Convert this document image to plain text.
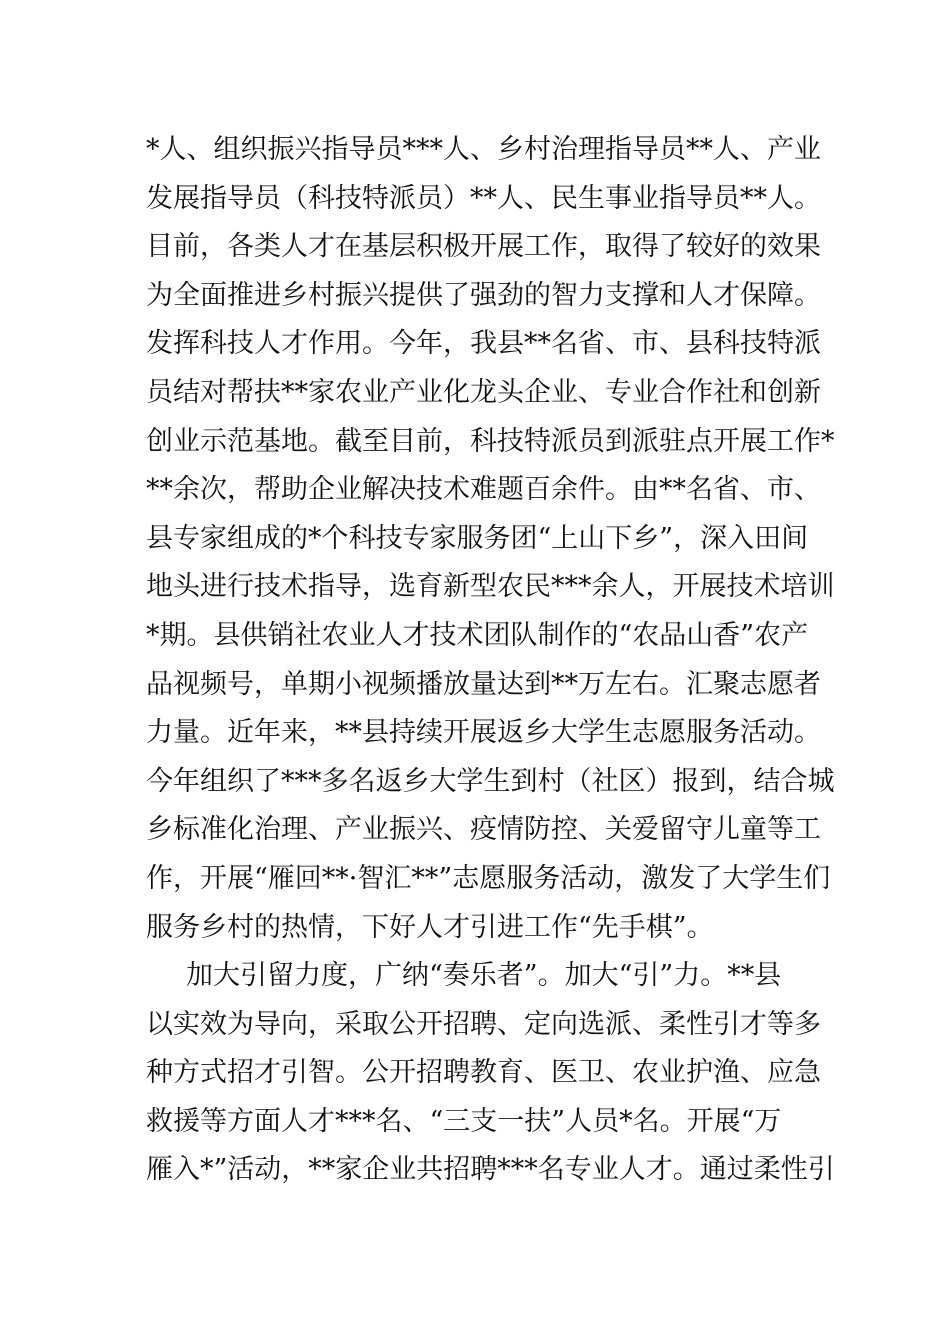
*人、组织振兴指导员***人、乡村治理指导员**人、产业
发展指导员（科技特派员）**人、民生事业指导员**人。
目前，各类人才在基层积极开展工作，取得了较好的效果
为全面推进乡村振兴提供了强劲的智力支撑和人才保障。
发挥科技人才作用。今年，我县**名省、市、县科技特派
员结对帮扶**家农业产业化龙头企业、专业合作社和创新
创业示范基地。截至目前，科技特派员到派驻点开展工作*
**余次，帮助企业解决技术难题百余件。由**名省、市、
县专家组成的*个科技专家服务团“上山下乡”，深入田间
地头进行技术指导，选育新型农民***余人，开展技术培训
*期。县供销社农业人才技术团队制作的“农品山香”农产
品视频号，单期小视频播放量达到**万左右。汇聚志愿者
力量。近年来，**县持续开展返乡大学生志愿服务活动。
今年组织了***多名返乡大学生到村（社区）报到，结合城
乡标准化治理、产业振兴、疫情防控、关爱留守儿童等工
作，开展“雁回**·智汇**”志愿服务活动，激发了大学生们
服务乡村的热情，下好人才引进工作“先手棋”。
加大引留力度，广纳“奏乐者”。加大“引”力。**县
以实效为导向，采取公开招聘、定向选派、柔性引才等多
种方式招才引智。公开招聘教育、医卫、农业护渔、应急
救援等方面人才***名、“三支一扶”人员*名。开展“万
雁入*”活动，**家企业共招聘***名专业人才。通过柔性引
